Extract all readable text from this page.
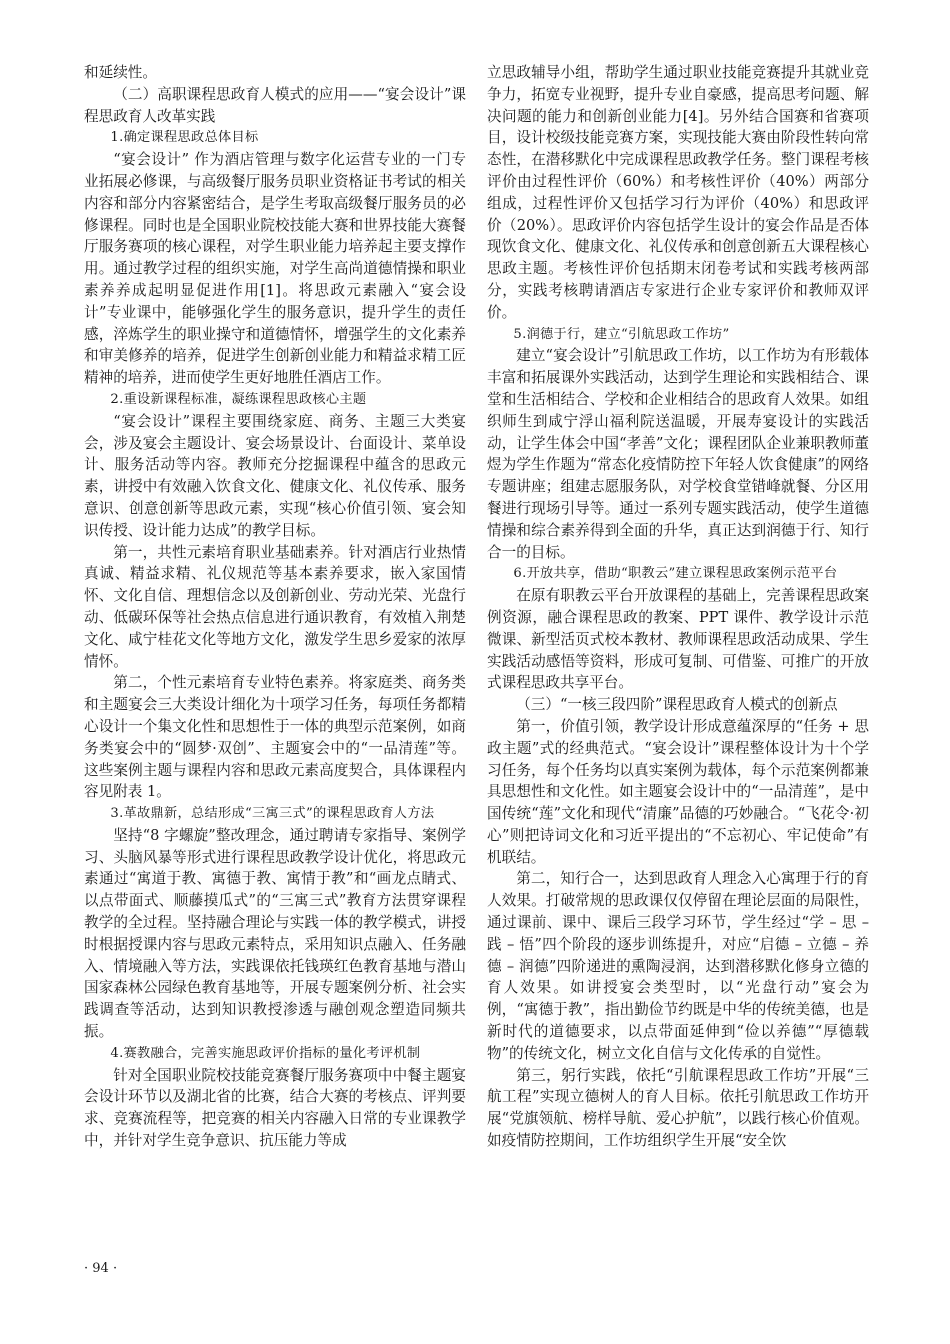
和延续性。

（二）高职课程思政育人模式的应用——“宴会设计”课程思政育人改革实践

1.确定课程思政总体目标

“宴会设计” 作为酒店管理与数字化运营专业的一门专业拓展必修课，与高级餐厅服务员职业资格证书考试的相关内容和部分内容紧密结合，是学生考取高级餐厅服务员的必修课程。同时也是全国职业院校技能大赛和世界技能大赛餐厅服务赛项的核心课程，对学生职业能力培养起主要支撑作用。通过教学过程的组织实施，对学生高尚道德情操和职业素养养成起明显促进作用[1]。将思政元素融入“宴会设计”专业课中，能够强化学生的服务意识，提升学生的责任感，淬炼学生的职业操守和道德情怀，增强学生的文化素养和审美修养的培养，促进学生创新创业能力和精益求精工匠精神的培养，进而使学生更好地胜任酒店工作。

2.重设新课程标准，凝练课程思政核心主题

“宴会设计”课程主要围绕家庭、商务、主题三大类宴会，涉及宴会主题设计、宴会场景设计、台面设计、菜单设计、服务活动等内容。教师充分挖掘课程中蕴含的思政元素，讲授中有效融入饮食文化、健康文化、礼仪传承、服务意识、创意创新等思政元素，实现“核心价值引领、宴会知识传授、设计能力达成”的教学目标。

第一，共性元素培育职业基础素养。针对酒店行业热情真诚、精益求精、礼仪规范等基本素养要求，嵌入家国情怀、文化自信、理想信念以及创新创业、劳动光荣、光盘行动、低碳环保等社会热点信息进行通识教育，有效植入荆楚文化、咸宁桂花文化等地方文化，激发学生思乡爱家的浓厚情怀。

第二，个性元素培育专业特色素养。将家庭类、商务类和主题宴会三大类设计细化为十项学习任务，每项任务都精心设计一个集文化性和思想性于一体的典型示范案例，如商务类宴会中的“圆梦·双创”、主题宴会中的“一品清莲”等。这些案例主题与课程内容和思政元素高度契合，具体课程内容见附表 1。

3.革故鼎新，总结形成“三寓三式”的课程思政育人方法

坚持“8 字螺旋”整改理念，通过聘请专家指导、案例学习、头脑风暴等形式进行课程思政教学设计优化，将思政元素通过“寓道于教、寓德于教、寓情于教”和“画龙点睛式、以点带面式、顺藤摸瓜式”的“三寓三式”教育方法贯穿课程教学的全过程。坚持融合理论与实践一体的教学模式，讲授时根据授课内容与思政元素特点，采用知识点融入、任务融入、情境融入等方法，实践课依托钱瑛红色教育基地与潜山国家森林公园绿色教育基地等，开展专题案例分析、社会实践调查等活动，达到知识教授渗透与融创观念塑造同频共振。

4.赛教融合，完善实施思政评价指标的量化考评机制

针对全国职业院校技能竞赛餐厅服务赛项中中餐主题宴会设计环节以及湖北省的比赛，结合大赛的考核点、评判要求、竞赛流程等，把竞赛的相关内容融入日常的专业课教学中，并针对学生竞争意识、抗压能力等成

立思政辅导小组，帮助学生通过职业技能竞赛提升其就业竞争力，拓宽专业视野，提升专业自豪感，提高思考问题、解决问题的能力和创新创业能力[4]。另外结合国赛和省赛项目，设计校级技能竞赛方案，实现技能大赛由阶段性转向常态性，在潜移默化中完成课程思政教学任务。整门课程考核评价由过程性评价（60%）和考核性评价（40%）两部分组成，过程性评价又包括学习行为评价（40%）和思政评价（20%）。思政评价内容包括学生设计的宴会作品是否体现饮食文化、健康文化、礼仪传承和创意创新五大课程核心思政主题。考核性评价包括期末闭卷考试和实践考核两部分，实践考核聘请酒店专家进行企业专家评价和教师双评价。

5.润德于行，建立“引航思政工作坊”

建立“宴会设计”引航思政工作坊，以工作坊为有形载体丰富和拓展课外实践活动，达到学生理论和实践相结合、课堂和生活相结合、学校和企业相结合的思政育人效果。如组织师生到咸宁浮山福利院送温暖，开展寿宴设计的实践活动，让学生体会中国“孝善”文化；课程团队企业兼职教师董煜为学生作题为“常态化疫情防控下年轻人饮食健康”的网络专题讲座；组建志愿服务队，对学校食堂错峰就餐、分区用餐进行现场引导等。通过一系列专题实践活动，使学生道德情操和综合素养得到全面的升华，真正达到润德于行、知行合一的目标。

6.开放共享，借助“职教云”建立课程思政案例示范平台

在原有职教云平台开放课程的基础上，完善课程思政案例资源，融合课程思政的教案、PPT 课件、教学设计示范微课、新型活页式校本教材、教师课程思政活动成果、学生实践活动感悟等资料，形成可复制、可借鉴、可推广的开放式课程思政共享平台。

（三）“一核三段四阶”课程思政育人模式的创新点

第一，价值引领，教学设计形成意蕴深厚的“任务 + 思政主题”式的经典范式。“宴会设计”课程整体设计为十个学习任务，每个任务均以真实案例为载体，每个示范案例都兼具思想性和文化性。如主题宴会设计中的“一品清莲”，是中国传统“莲”文化和现代“清廉”品德的巧妙融合。“飞花令·初心”则把诗词文化和习近平提出的“不忘初心、牢记使命”有机联结。

第二，知行合一，达到思政育人理念入心寓理于行的育人效果。打破常规的思政课仅仅停留在理论层面的局限性，通过课前、课中、课后三段学习环节，学生经过“学 – 思 – 践 – 悟”四个阶段的逐步训练提升，对应“启德 – 立德 – 养德 – 润德”四阶递进的熏陶浸润，达到潜移默化修身立德的育人效果。如讲授宴会类型时，以“光盘行动”宴会为例，“寓德于教”，指出勤俭节约既是中华的传统美德，也是新时代的道德要求，以点带面延伸到“俭以养德”“厚德载物”的传统文化，树立文化自信与文化传承的自觉性。

第三，躬行实践，依托“引航课程思政工作坊”开展“三航工程”实现立德树人的育人目标。依托引航思政工作坊开展“党旗领航、榜样导航、爱心护航”，以践行核心价值观。如疫情防控期间，工作坊组织学生开展“安全饮

· 94 ·
